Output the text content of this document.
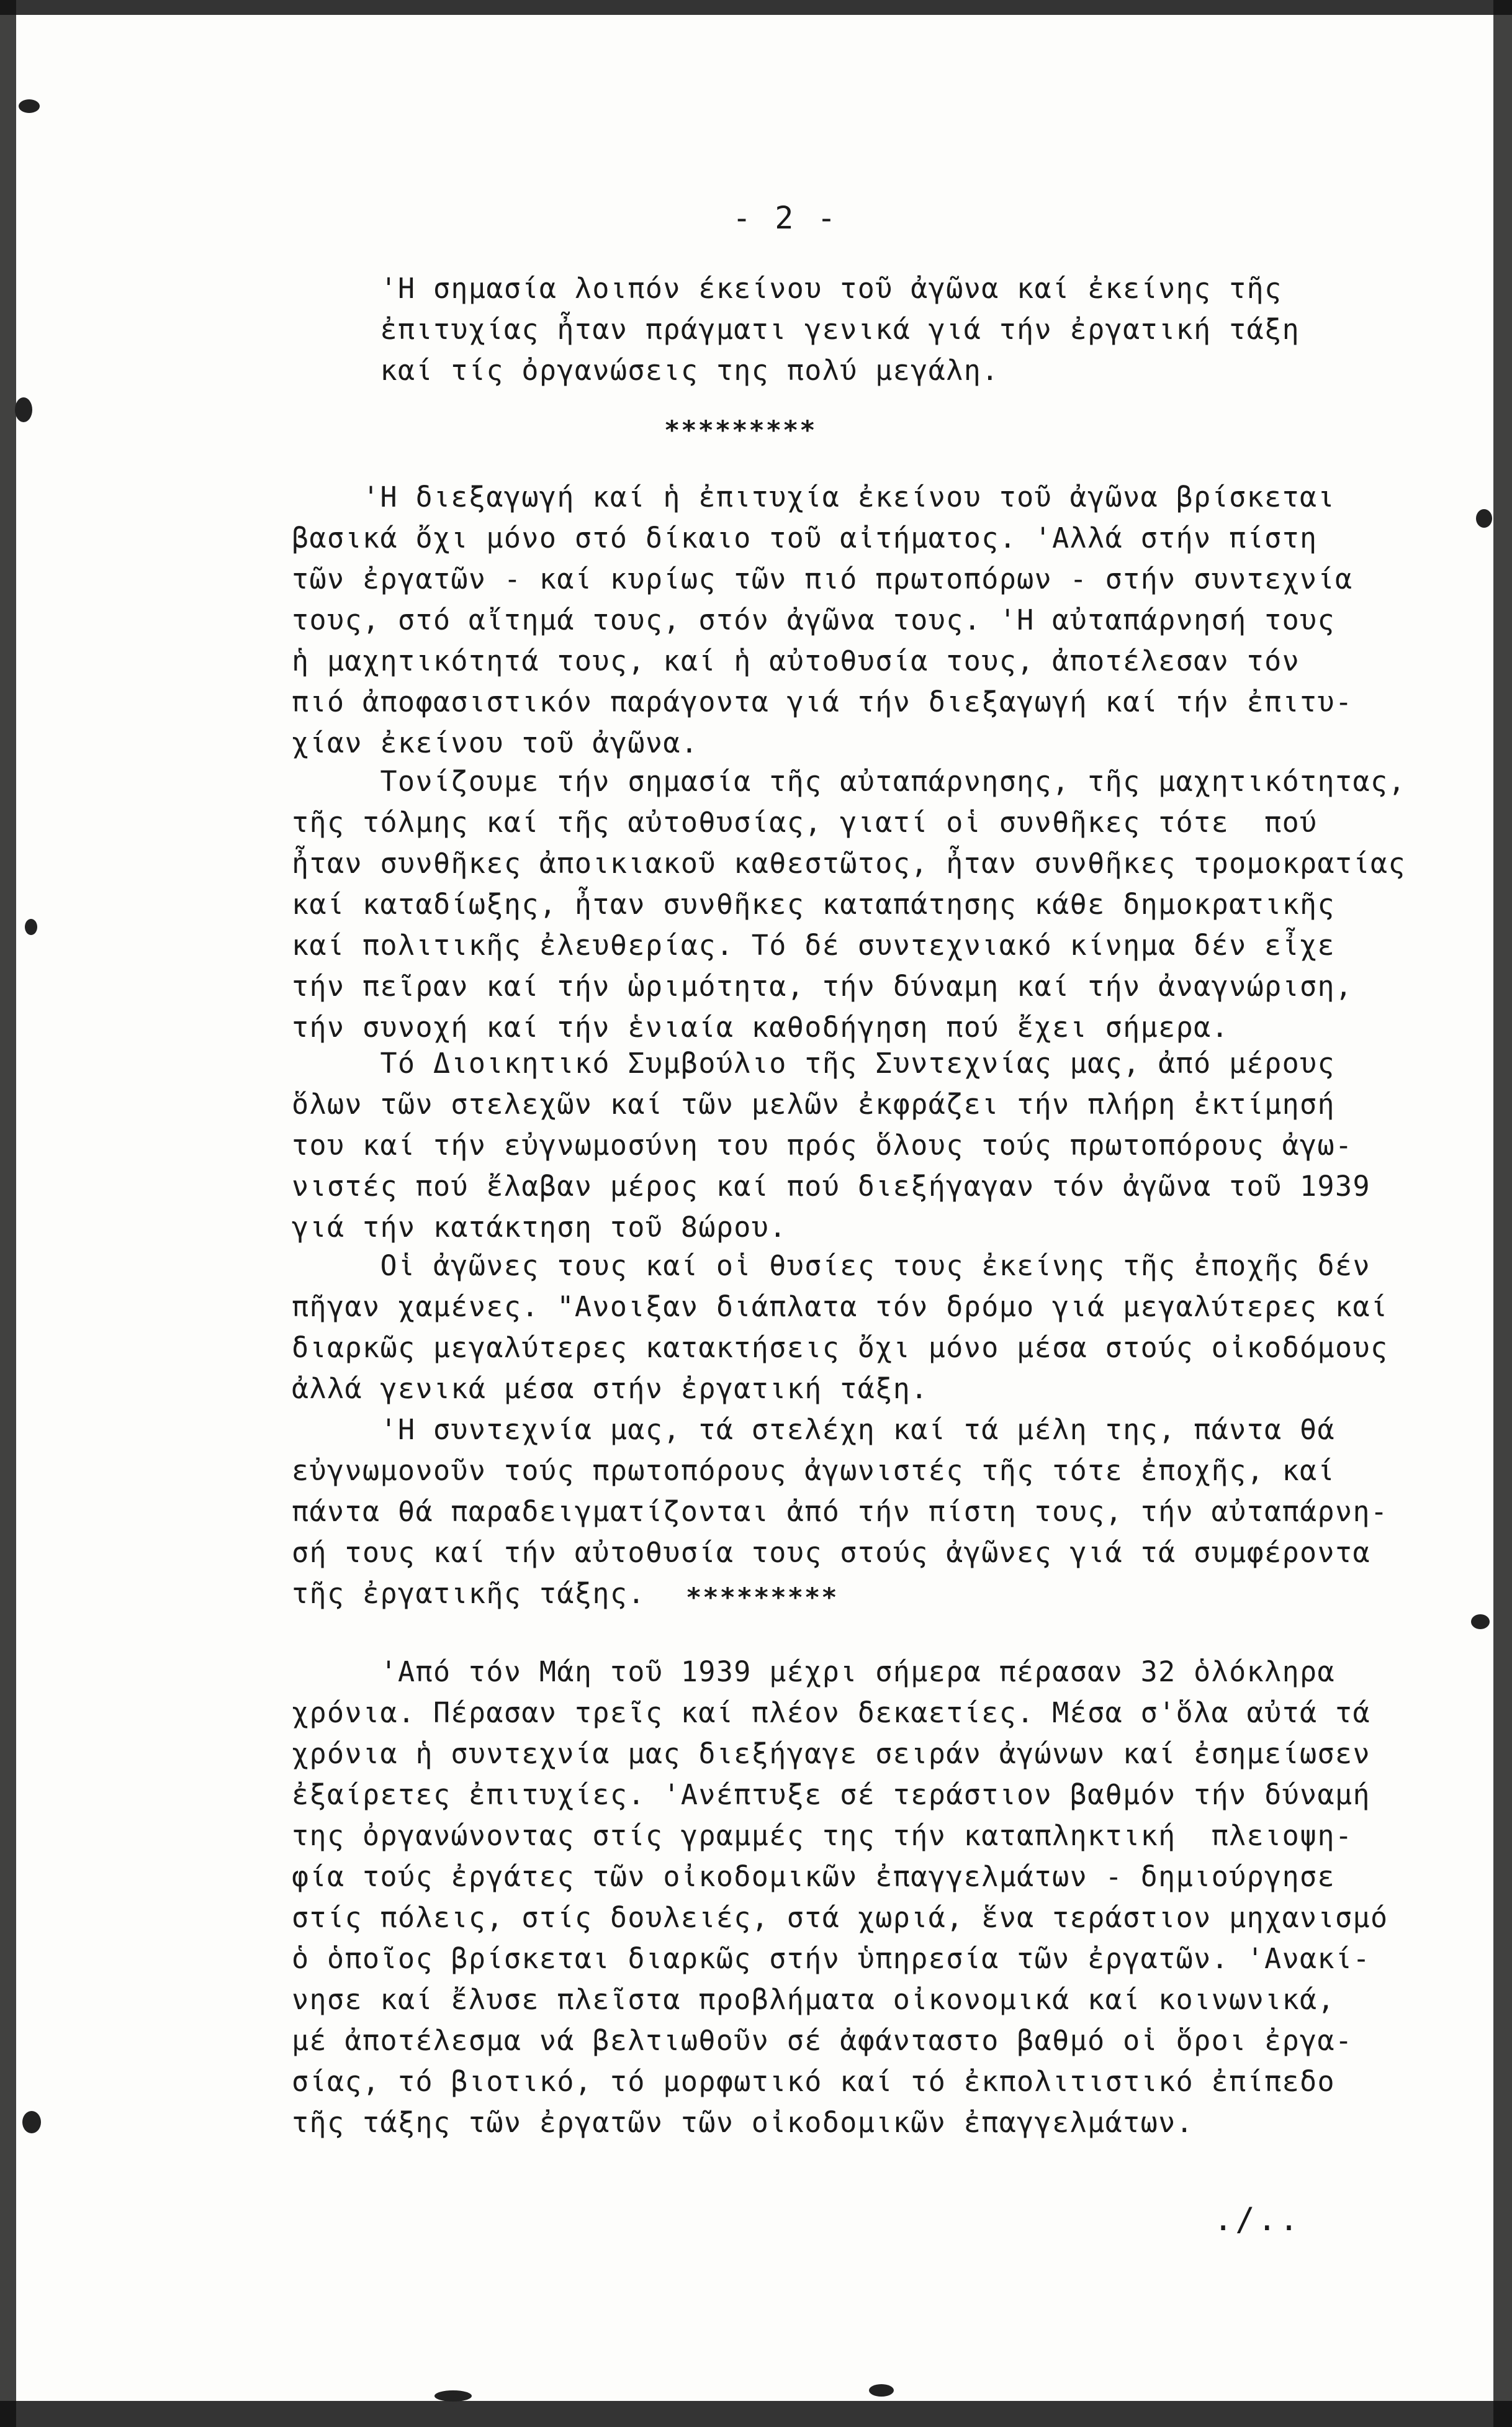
- 2 -
'Η σημασία λοιπόν έκείνου τοῦ ἀγῶνα καί ἐκείνης τῆς
ἐπιτυχίας ἦταν πράγματι γενικά γιά τήν ἐργατική τάξη
καί τίς ὀργανώσεις της πολύ μεγάλη.
*********
'Η διεξαγωγή καί ἡ ἐπιτυχία ἐκείνου τοῦ ἀγῶνα βρίσκεται
βασικά ὄχι μόνο στό δίκαιο τοῦ αἰτήματος. 'Αλλά στήν πίστη
τῶν ἐργατῶν - καί κυρίως τῶν πιό πρωτοπόρων - στήν συντεχνία
τους, στό αἴτημά τους, στόν ἀγῶνα τους. 'Η αὐταπάρνησή τους
ἡ μαχητικότητά τους, καί ἡ αὐτοθυσία τους, ἀποτέλεσαν τόν
πιό ἀποφασιστικόν παράγοντα γιά τήν διεξαγωγή καί τήν ἐπιτυ-
χίαν ἐκείνου τοῦ ἀγῶνα.
Τονίζουμε τήν σημασία τῆς αὐταπάρνησης, τῆς μαχητικότητας,
τῆς τόλμης καί τῆς αὐτοθυσίας, γιατί οἱ συνθῆκες τότε  πού
ἦταν συνθῆκες ἀποικιακοῦ καθεστῶτος, ἦταν συνθῆκες τρομοκρατίας
καί καταδίωξης, ἦταν συνθῆκες καταπάτησης κάθε δημοκρατικῆς
καί πολιτικῆς ἐλευθερίας. Τό δέ συντεχνιακό κίνημα δέν εἶχε
τήν πεῖραν καί τήν ὡριμότητα, τήν δύναμη καί τήν ἀναγνώριση,
τήν συνοχή καί τήν ἑνιαία καθοδήγηση πού ἔχει σήμερα.
Τό Διοικητικό Συμβούλιο τῆς Συντεχνίας μας, ἀπό μέρους
ὅλων τῶν στελεχῶν καί τῶν μελῶν ἐκφράζει τήν πλήρη ἐκτίμησή
του καί τήν εὐγνωμοσύνη του πρός ὅλους τούς πρωτοπόρους ἀγω-
νιστές πού ἔλαβαν μέρος καί πού διεξήγαγαν τόν ἀγῶνα τοῦ 1939
γιά τήν κατάκτηση τοῦ 8ώρου.
Οἱ ἀγῶνες τους καί οἱ θυσίες τους ἐκείνης τῆς ἐποχῆς δέν
πῆγαν χαμένες. "Ανοιξαν διάπλατα τόν δρόμο γιά μεγαλύτερες καί
διαρκῶς μεγαλύτερες κατακτήσεις ὄχι μόνο μέσα στούς οἰκοδόμους
ἀλλά γενικά μέσα στήν ἐργατική τάξη.
'Η συντεχνία μας, τά στελέχη καί τά μέλη της, πάντα θά
εὐγνωμονοῦν τούς πρωτοπόρους ἀγωνιστές τῆς τότε ἐποχῆς, καί
πάντα θά παραδειγματίζονται ἀπό τήν πίστη τους, τήν αὐταπάρνη-
σή τους καί τήν αὐτοθυσία τους στούς ἀγῶνες γιά τά συμφέροντα
τῆς ἐργατικῆς τάξης.	*********
'Από τόν Μάη τοῦ 1939 μέχρι σήμερα πέρασαν 32 ὁλόκληρα
χρόνια. Πέρασαν τρεῖς καί πλέον δεκαετίες. Μέσα σ'ὅλα αὐτά τά
χρόνια ἡ συντεχνία μας διεξήγαγε σειράν ἀγώνων καί ἐσημείωσεν
ἐξαίρετες ἐπιτυχίες. 'Ανέπτυξε σέ τεράστιον βαθμόν τήν δύναμή
της ὀργανώνοντας στίς γραμμές της τήν καταπληκτική  πλειοψη-
φία τούς ἐργάτες τῶν οἰκοδομικῶν ἐπαγγελμάτων - δημιούργησε
στίς πόλεις, στίς δουλειές, στά χωριά, ἕνα τεράστιον μηχανισμό
ὁ ὁποῖος βρίσκεται διαρκῶς στήν ὑπηρεσία τῶν ἐργατῶν. 'Ανακί-
νησε καί ἔλυσε πλεῖστα προβλήματα οἰκονομικά καί κοινωνικά,
μέ ἀποτέλεσμα νά βελτιωθοῦν σέ ἀφάνταστο βαθμό οἱ ὅροι ἐργα-
σίας, τό βιοτικό, τό μορφωτικό καί τό ἐκπολιτιστικό ἐπίπεδο
τῆς τάξης τῶν ἐργατῶν τῶν οἰκοδομικῶν ἐπαγγελμάτων.
./..
